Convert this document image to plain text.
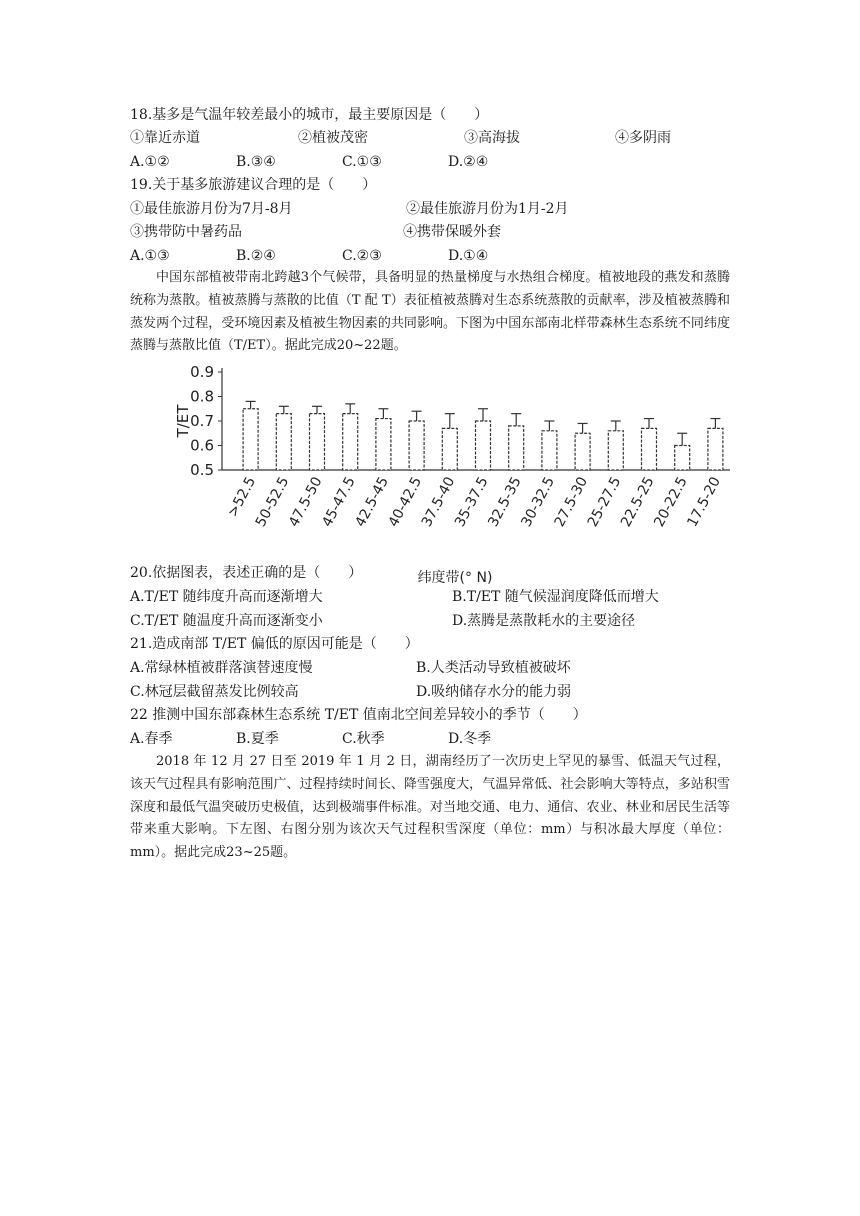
18.基多是气温年较差最小的城市，最主要原因是（　　）
①靠近赤道	②植被茂密	③高海拔	④多阴雨
A.①②	B.③④	C.①③	D.②④
19.关于基多旅游建议合理的是（　　）
①最佳旅游月份为7月-8月	②最佳旅游月份为1月-2月
③携带防中暑药品	④携带保暖外套
A.①③	B.②④	C.②③	D.①④

中国东部植被带南北跨越3个气候带，具备明显的热量梯度与水热组合梯度。植被地段的燕发和蒸腾统称为蒸散。植被蒸腾与蒸散的比值（T 配 T）表征植被蒸腾对生态系统蒸散的贡献率，涉及植被蒸腾和蒸发两个过程，受环境因素及植被生物因素的共同影响。下图为中国东部南北样带森林生态系统不同纬度蒸腾与蒸散比值（T/ET）。据此完成20~22题。

0.5
0.6
0.7
0.8
0.9
T/ET
>52.5
50-52.5
47.5-50
45-47.5
42.5-45
40-42.5
37.5-40
35-37.5
32.5-35
30-32.5
27.5-30
25-27.5
22.5-25
20-22.5
17.5-20
纬度带(° N)
20.依据图表，表述正确的是（　　）
A.T/ET 随纬度升高而逐渐增大	B.T/ET 随气候湿润度降低而增大
C.T/ET 随温度升高而逐渐变小	D.蒸腾是蒸散耗水的主要途径
21.造成南部 T/ET 偏低的原因可能是（　　）
A.常绿林植被群落演替速度慢	B.人类活动导致植被破坏
C.林冠层截留蒸发比例较高	D.吸纳储存水分的能力弱
22 推测中国东部森林生态系统 T/ET 值南北空间差异较小的季节（　　）
A.春季	B.夏季	C.秋季	D.冬季

2018 年 12 月 27 日至 2019 年 1 月 2 日，湖南经历了一次历史上罕见的暴雪、低温天气过程，该天气过程具有影响范围广、过程持续时间长、降雪强度大，气温异常低、社会影响大等特点，多站积雪深度和最低气温突破历史极值，达到极端事件标准。对当地交通、电力、通信、农业、林业和居民生活等带来重大影响。下左图、右图分别为该次天气过程积雪深度（单位：mm）与积冰最大厚度（单位：mm）。据此完成23~25题。
